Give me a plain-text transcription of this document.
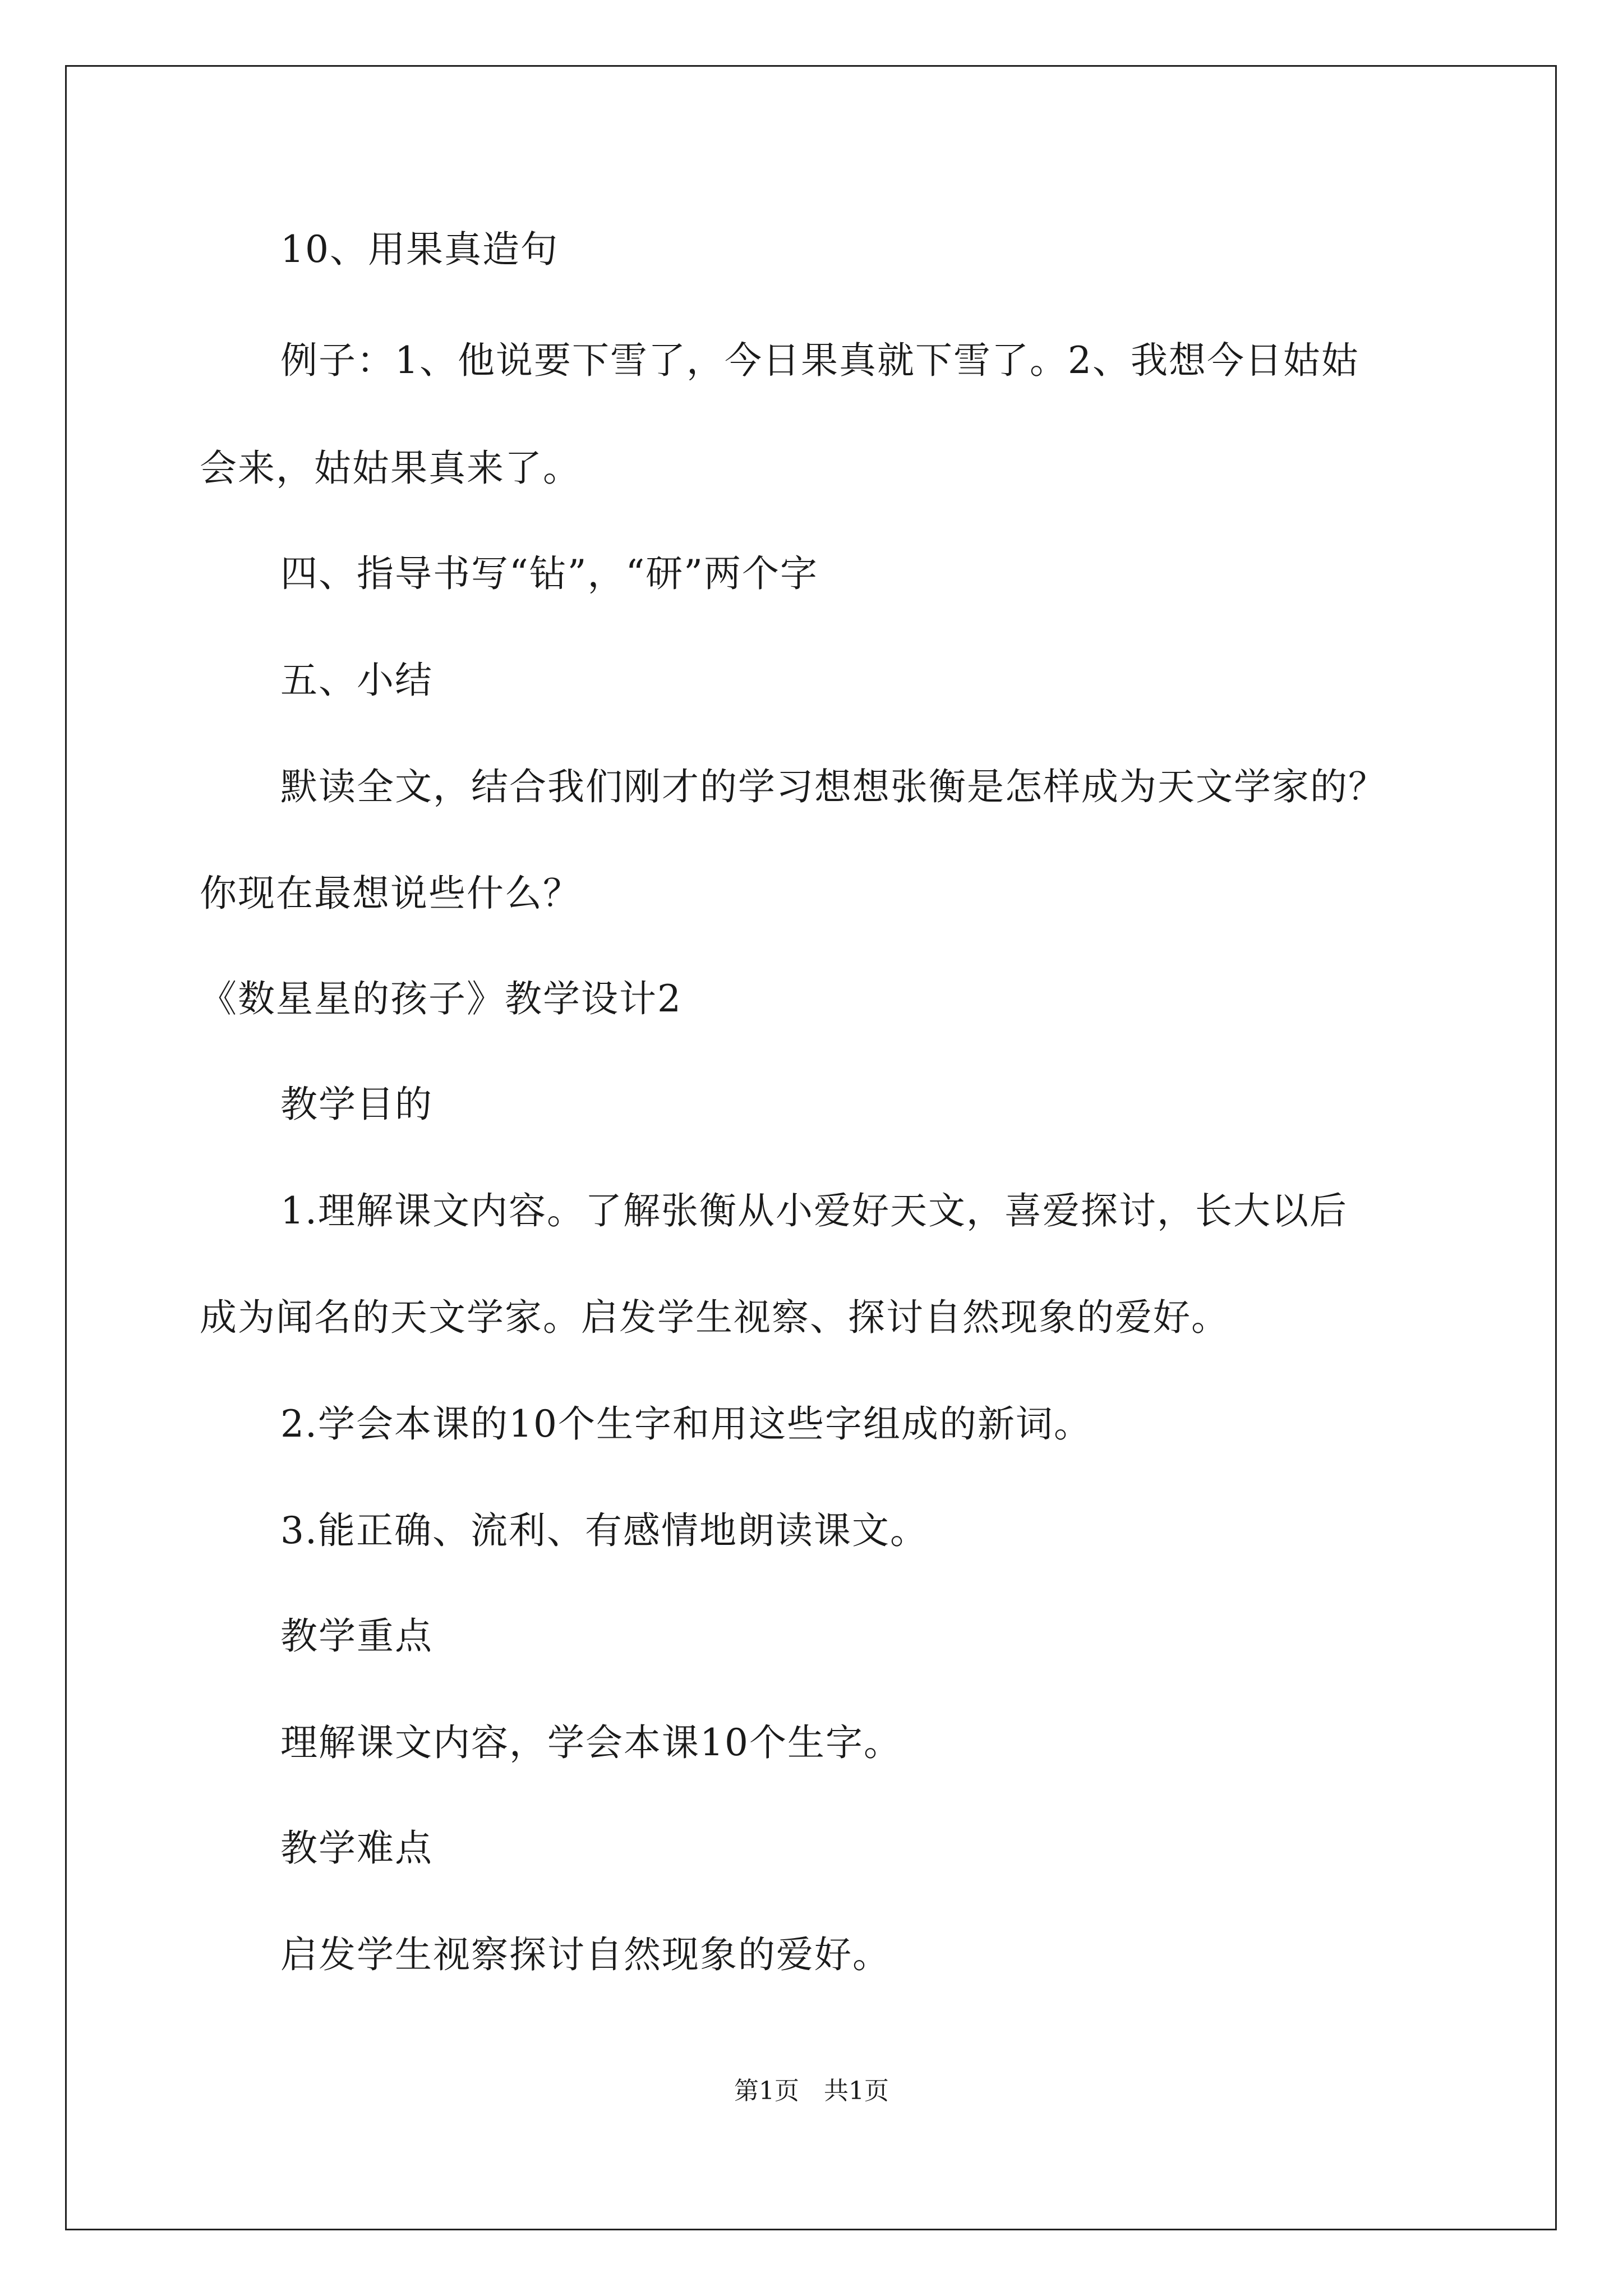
10、用果真造句
例子：1、他说要下雪了，今日果真就下雪了。2、我想今日姑姑
会来，姑姑果真来了。
四、指导书写“钻”，“研”两个字
五、小结
默读全文，结合我们刚才的学习想想张衡是怎样成为天文学家的？
你现在最想说些什么？
《数星星的孩子》教学设计2
教学目的
1.理解课文内容。了解张衡从小爱好天文，喜爱探讨，长大以后
成为闻名的天文学家。启发学生视察、探讨自然现象的爱好。
2.学会本课的10个生字和用这些字组成的新词。
3.能正确、流利、有感情地朗读课文。
教学重点
理解课文内容，学会本课10个生字。
教学难点
启发学生视察探讨自然现象的爱好。
第1页　共1页
